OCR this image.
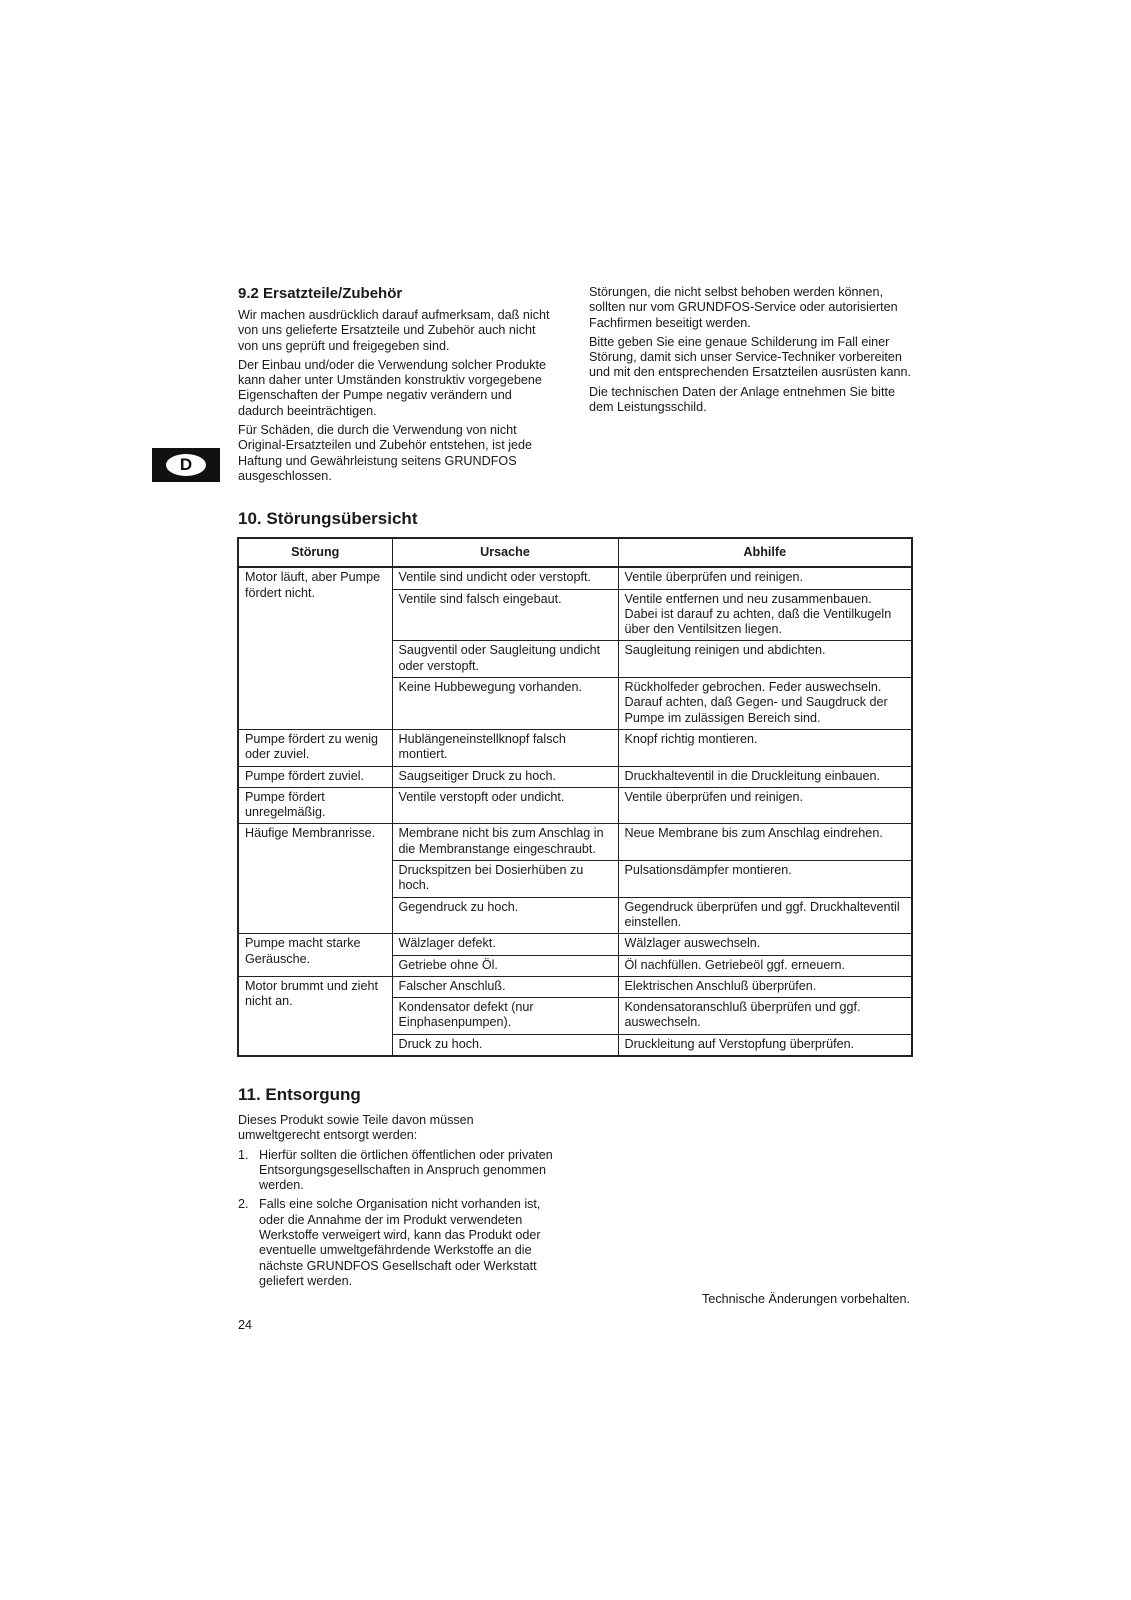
D
9.2 Ersatzteile/Zubehör

Wir machen ausdrücklich darauf aufmerksam, daß nicht von uns gelieferte Ersatzteile und Zubehör auch nicht von uns geprüft und freigegeben sind.

Der Einbau und/oder die Verwendung solcher Produkte kann daher unter Umständen konstruktiv vorgegebene Eigenschaften der Pumpe negativ verändern und dadurch beeinträchtigen.

Für Schäden, die durch die Verwendung von nicht Original-Ersatzteilen und Zubehör entstehen, ist jede Haftung und Gewährleistung seitens GRUNDFOS ausgeschlossen.

Störungen, die nicht selbst behoben werden können, sollten nur vom GRUNDFOS-Service oder autorisierten Fachfirmen beseitigt werden.

Bitte geben Sie eine genaue Schilderung im Fall einer Störung, damit sich unser Service-Techniker vorbereiten und mit den entsprechenden Ersatzteilen ausrüsten kann.

Die technischen Daten der Anlage entnehmen Sie bitte dem Leistungsschild.

10. Störungsübersicht
Störung	Ursache	Abhilfe
Motor läuft, aber Pumpe fördert nicht.	Ventile sind undicht oder verstopft.	Ventile überprüfen und reinigen.
	Ventile sind falsch eingebaut.	Ventile entfernen und neu zusammenbauen. Dabei ist darauf zu achten, daß die Ventilkugeln über den Ventilsitzen liegen.
	Saugventil oder Saugleitung undicht oder verstopft.	Saugleitung reinigen und abdichten.
	Keine Hubbewegung vorhanden.	Rückholfeder gebrochen. Feder auswechseln. Darauf achten, daß Gegen- und Saugdruck der Pumpe im zulässigen Bereich sind.
Pumpe fördert zu wenig oder zuviel.	Hublängeneinstellknopf falsch montiert.	Knopf richtig montieren.
Pumpe fördert zuviel.	Saugseitiger Druck zu hoch.	Druckhalteventil in die Druckleitung einbauen.
Pumpe fördert unregelmäßig.	Ventile verstopft oder undicht.	Ventile überprüfen und reinigen.
Häufige Membranrisse.	Membrane nicht bis zum Anschlag in die Membranstange eingeschraubt.	Neue Membrane bis zum Anschlag eindrehen.
	Druckspitzen bei Dosierhüben zu hoch.	Pulsationsdämpfer montieren.
	Gegendruck zu hoch.	Gegendruck überprüfen und ggf. Druckhalteventil einstellen.
Pumpe macht starke Geräusche.	Wälzlager defekt.	Wälzlager auswechseln.
	Getriebe ohne Öl.	Öl nachfüllen. Getriebeöl ggf. erneuern.
Motor brummt und zieht nicht an.	Falscher Anschluß.	Elektrischen Anschluß überprüfen.
	Kondensator defekt (nur Einphasenpumpen).	Kondensatoranschluß überprüfen und ggf. auswechseln.
	Druck zu hoch.	Druckleitung auf Verstopfung überprüfen.
11. Entsorgung

Dieses Produkt sowie Teile davon müssen umweltgerecht entsorgt werden:

1. Hierfür sollten die örtlichen öffentlichen oder privaten Entsorgungsgesellschaften in Anspruch genommen werden.
2. Falls eine solche Organisation nicht vorhanden ist, oder die Annahme der im Produkt verwendeten Werkstoffe verweigert wird, kann das Produkt oder eventuelle umweltgefährdende Werkstoffe an die nächste GRUNDFOS Gesellschaft oder Werkstatt geliefert werden.
Technische Änderungen vorbehalten.
24
